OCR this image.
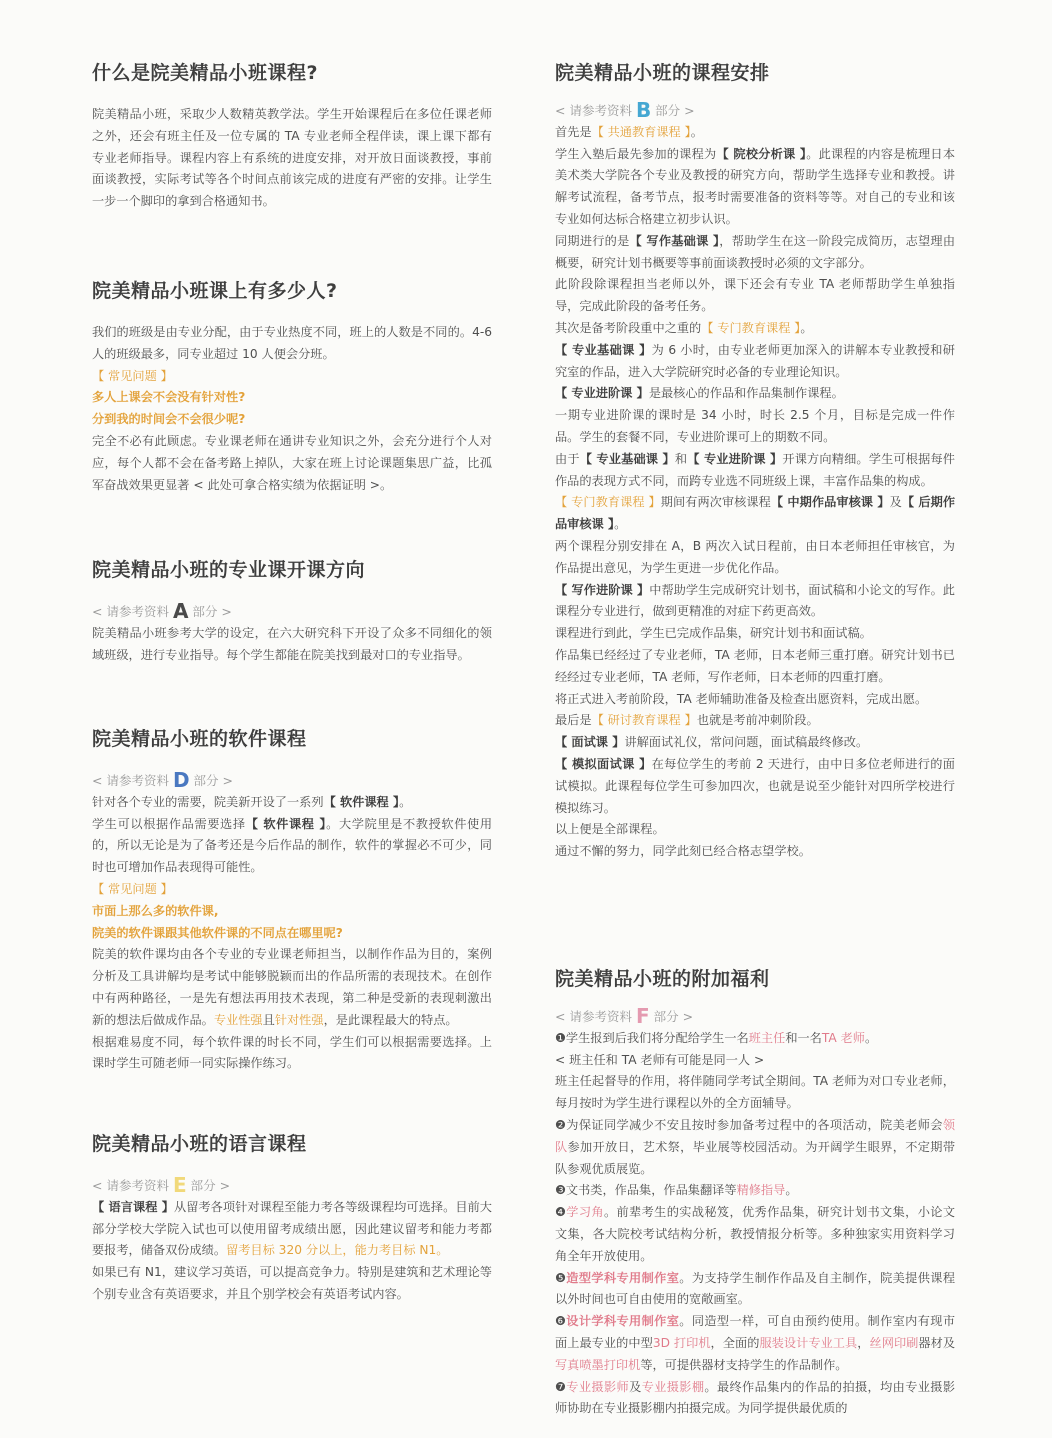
什么是院美精品小班课程?

院美精品小班，采取少人数精英教学法。学生开始课程后在多位任课老师之外，还会有班主任及一位专属的 TA 专业老师全程伴读，课上课下都有专业老师指导。课程内容上有系统的进度安排，对开放日面谈教授，事前面谈教授，实际考试等各个时间点前该完成的进度有严密的安排。让学生一步一个脚印的拿到合格通知书。

院美精品小班课上有多少人?

我们的班级是由专业分配，由于专业热度不同，班上的人数是不同的。4-6 人的班级最多，同专业超过 10 人便会分班。

【 常见问题 】

多人上课会不会没有针对性?

分到我的时间会不会很少呢?

完全不必有此顾虑。专业课老师在通讲专业知识之外，会充分进行个人对应，每个人都不会在备考路上掉队，大家在班上讨论课题集思广益，比孤军奋战效果更显著 < 此处可拿合格实绩为依据证明 >。

院美精品小班的专业课开课方向
< 请参考资料 A 部分 >

院美精品小班参考大学的设定，在六大研究科下开设了众多不同细化的领域班级，进行专业指导。每个学生都能在院美找到最对口的专业指导。

院美精品小班的软件课程
< 请参考资料 D 部分 >

针对各个专业的需要，院美新开设了一系列【 软件课程 】。

学生可以根据作品需要选择【 软件课程 】。大学院里是不教授软件使用的，所以无论是为了备考还是今后作品的制作，软件的掌握必不可少，同时也可增加作品表现得可能性。

【 常见问题 】

市面上那么多的软件课,

院美的软件课跟其他软件课的不同点在哪里呢?

院美的软件课均由各个专业的专业课老师担当，以制作作品为目的，案例分析及工具讲解均是考试中能够脱颖而出的作品所需的表现技术。在创作中有两种路径，一是先有想法再用技术表现，第二种是受新的表现刺激出新的想法后做成作品。专业性强且针对性强，是此课程最大的特点。

根据难易度不同，每个软件课的时长不同，学生们可以根据需要选择。上课时学生可随老师一同实际操作练习。

院美精品小班的语言课程
< 请参考资料 E 部分 >

【 语言课程 】从留考各项针对课程至能力考各等级课程均可选择。目前大部分学校大学院入试也可以使用留考成绩出愿，因此建议留考和能力考都要报考，储备双份成绩。留考目标 320 分以上，能力考目标 N1。

如果已有 N1，建议学习英语，可以提高竞争力。特别是建筑和艺术理论等个别专业含有英语要求，并且个别学校会有英语考试内容。

院美精品小班的课程安排
< 请参考资料 B 部分 >

首先是【 共通教育课程 】。

学生入塾后最先参加的课程为【 院校分析课 】。此课程的内容是梳理日本美术类大学院各个专业及教授的研究方向，帮助学生选择专业和教授。讲解考试流程，备考节点，报考时需要准备的资料等等。对自己的专业和该专业如何达标合格建立初步认识。

同期进行的是【 写作基础课 】，帮助学生在这一阶段完成简历，志望理由概要，研究计划书概要等事前面谈教授时必须的文字部分。

此阶段除课程担当老师以外，课下还会有专业 TA 老师帮助学生单独指导，完成此阶段的备考任务。

其次是备考阶段重中之重的【 专门教育课程 】。

【 专业基础课 】为 6 小时，由专业老师更加深入的讲解本专业教授和研究室的作品，进入大学院研究时必备的专业理论知识。

【 专业进阶课 】是最核心的作品和作品集制作课程。

一期专业进阶课的课时是 34 小时，时长 2.5 个月，目标是完成一件作品。学生的套餐不同，专业进阶课可上的期数不同。

由于【 专业基础课 】和【 专业进阶课 】开课方向精细。学生可根据每件作品的表现方式不同，而跨专业选不同班级上课，丰富作品集的构成。

【 专门教育课程 】期间有两次审核课程【 中期作品审核课 】及【 后期作品审核课 】。

两个课程分别安排在 A，B 两次入试日程前，由日本老师担任审核官，为作品提出意见，为学生更进一步优化作品。

【 写作进阶课 】中帮助学生完成研究计划书，面试稿和小论文的写作。此课程分专业进行，做到更精准的对症下药更高效。

课程进行到此，学生已完成作品集，研究计划书和面试稿。

作品集已经经过了专业老师，TA 老师，日本老师三重打磨。研究计划书已经经过专业老师，TA 老师，写作老师，日本老师的四重打磨。

将正式进入考前阶段，TA 老师辅助准备及检查出愿资料，完成出愿。

最后是【 研讨教育课程 】也就是考前冲刺阶段。

【 面试课 】讲解面试礼仪，常问问题，面试稿最终修改。

【 模拟面试课 】在每位学生的考前 2 天进行，由中日多位老师进行的面试模拟。此课程每位学生可参加四次，也就是说至少能针对四所学校进行模拟练习。

以上便是全部课程。

通过不懈的努力，同学此刻已经合格志望学校。

院美精品小班的附加福利
< 请参考资料 F 部分 >

❶学生报到后我们将分配给学生一名班主任和一名TA 老师。

< 班主任和 TA 老师有可能是同一人 >

班主任起督导的作用，将伴随同学考试全期间。TA 老师为对口专业老师，每月按时为学生进行课程以外的全方面辅导。

❷为保证同学减少不安且按时参加备考过程中的各项活动，院美老师会领队参加开放日，艺术祭，毕业展等校园活动。为开阔学生眼界，不定期带队参观优质展览。

❸文书类，作品集，作品集翻译等精修指导。

❹学习角。前辈考生的实战秘笈，优秀作品集，研究计划书文集，小论文文集，各大院校考试结构分析，教授情报分析等。多种独家实用资料学习角全年开放使用。

❺造型学科专用制作室。为支持学生制作作品及自主制作，院美提供课程以外时间也可自由使用的宽敞画室。

❻设计学科专用制作室。同造型一样，可自由预约使用。制作室内有现市面上最专业的中型3D 打印机，全面的服装设计专业工具，丝网印刷器材及写真喷墨打印机等，可提供器材支持学生的作品制作。

❼专业摄影师及专业摄影棚。最终作品集内的作品的拍摄，均由专业摄影师协助在专业摄影棚内拍摄完成。为同学提供最优质的
